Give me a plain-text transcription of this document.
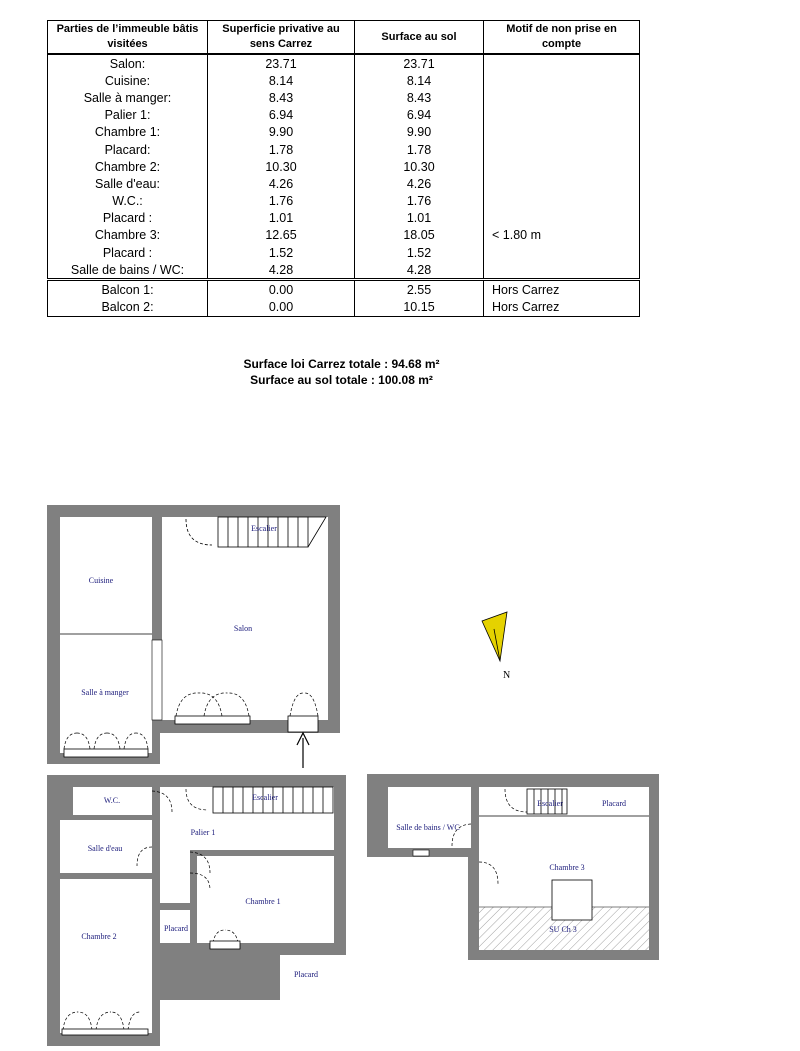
Parties de l’immeuble bâtis visitées	Superficie privative au sens Carrez	Surface au sol	Motif de non prise en compte
Salon:	23.71	23.71	
Cuisine:	8.14	8.14	
Salle à manger:	8.43	8.43	
Palier 1:	6.94	6.94	
Chambre 1:	9.90	9.90	
Placard:	1.78	1.78	
Chambre 2:	10.30	10.30	
Salle d'eau:	4.26	4.26	
W.C.:	1.76	1.76	
Placard :	1.01	1.01	
Chambre 3:	12.65	18.05	< 1.80 m
Placard :	1.52	1.52	
Salle de bains / WC:	4.28	4.28	
Balcon 1:	0.00	2.55	Hors Carrez
Balcon 2:	0.00	10.15	Hors Carrez
Surface loi Carrez totale : 94.68 m²
Surface au sol totale : 100.08 m²
N
Cuisine
Salle à manger
Salon
Escalier
W.C.	Escalier
Palier 1
Salle d'eau
Chambre 1
Chambre 2
Placard
Placard
Salle de bains / WC
Escalier	Placard
Chambre 3
SU Ch 3
